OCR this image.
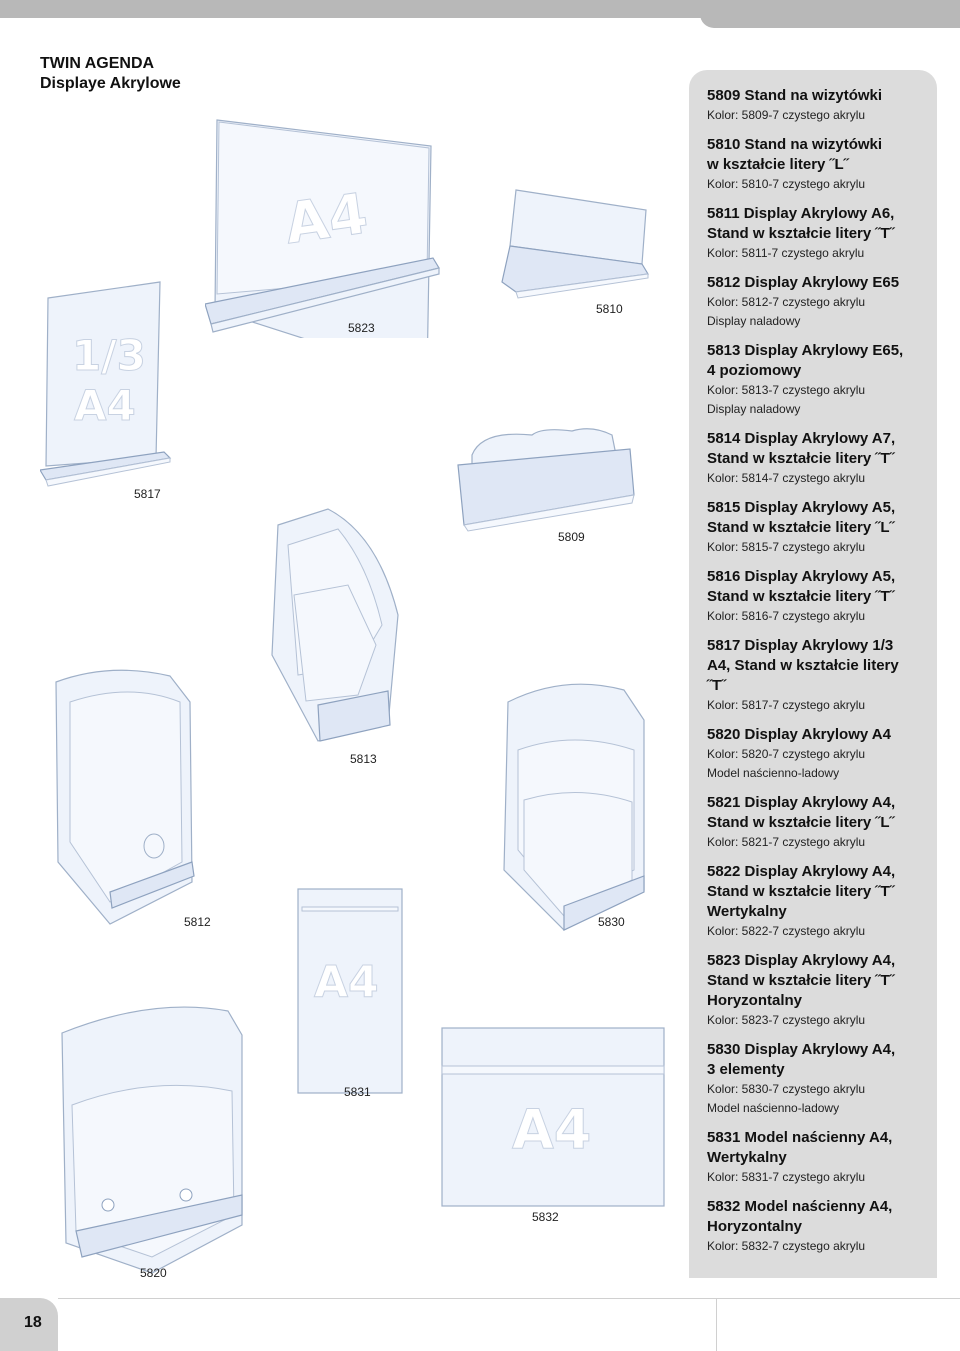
TWIN AGENDA
Displaye Akrylowe
5809 Stand na wizytówki
Kolor: 5809-7 czystego akrylu
5810 Stand na wizytówki
w kształcie litery ˝L˝
Kolor: 5810-7 czystego akrylu
5811 Display Akrylowy A6,
Stand w kształcie litery ˝T˝
Kolor: 5811-7 czystego akrylu
5812 Display Akrylowy E65
Kolor: 5812-7 czystego akrylu
Display naladowy
5813 Display Akrylowy E65,
4 poziomowy
Kolor: 5813-7 czystego akrylu
Display naladowy
5814 Display Akrylowy A7,
Stand w kształcie litery ˝T˝
Kolor: 5814-7 czystego akrylu
5815 Display Akrylowy A5,
Stand w kształcie litery ˝L˝
Kolor: 5815-7 czystego akrylu
5816 Display Akrylowy A5,
Stand w kształcie litery ˝T˝
Kolor: 5816-7 czystego akrylu
5817 Display Akrylowy 1/3
A4, Stand w kształcie litery
˝T˝
Kolor: 5817-7 czystego akrylu
5820 Display Akrylowy A4
Kolor: 5820-7 czystego akrylu
Model naścienno-ladowy
5821 Display Akrylowy A4,
Stand w kształcie litery ˝L˝
Kolor: 5821-7 czystego akrylu
5822 Display Akrylowy A4,
Stand w kształcie litery ˝T˝
Wertykalny
Kolor: 5822-7 czystego akrylu
5823 Display Akrylowy A4,
Stand w kształcie litery ˝T˝
Horyzontalny
Kolor: 5823-7 czystego akrylu
5830 Display Akrylowy A4,
3 elementy
Kolor: 5830-7 czystego akrylu
Model naścienno-ladowy
5831 Model naścienny A4,
Wertykalny
Kolor: 5831-7 czystego akrylu
5832 Model naścienny A4,
Horyzontalny
Kolor: 5832-7 czystego akrylu
A4
1/3
A4
A4
A4
5823
5810
5817
5809
5813
5812	5830
5831
5832
5820
18
